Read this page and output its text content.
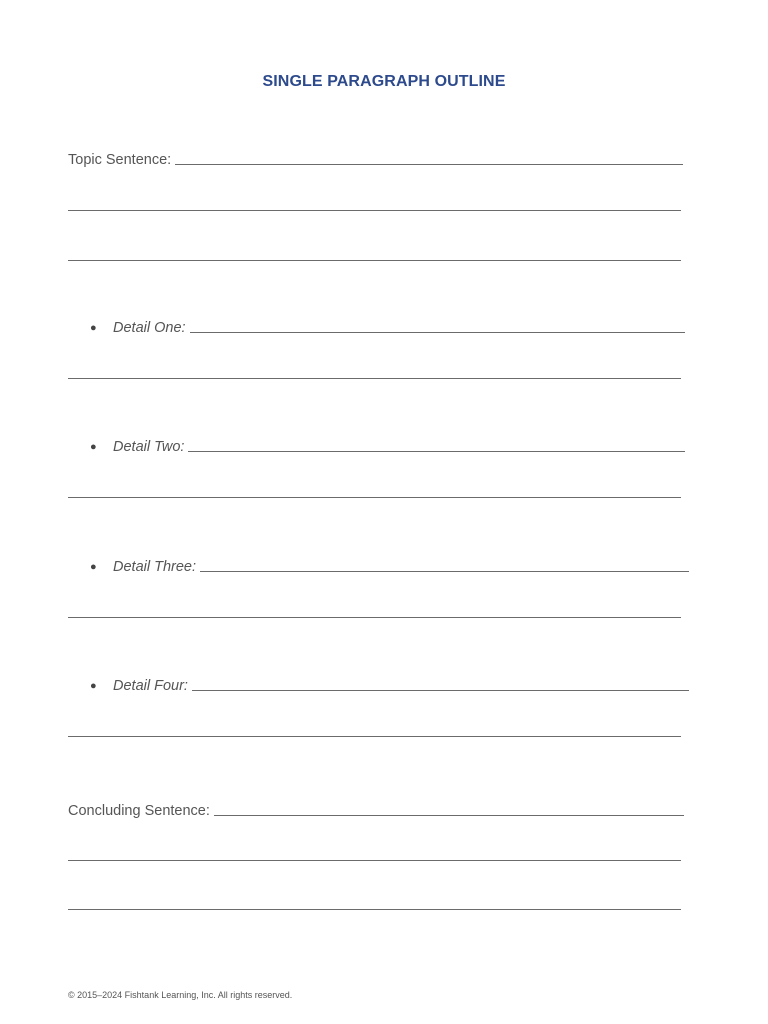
SINGLE PARAGRAPH OUTLINE
Topic Sentence:
●	Detail One:
●	Detail Two:
●	Detail Three:
●	Detail Four:
Concluding Sentence:
© 2015–2024 Fishtank Learning, Inc. All rights reserved.
